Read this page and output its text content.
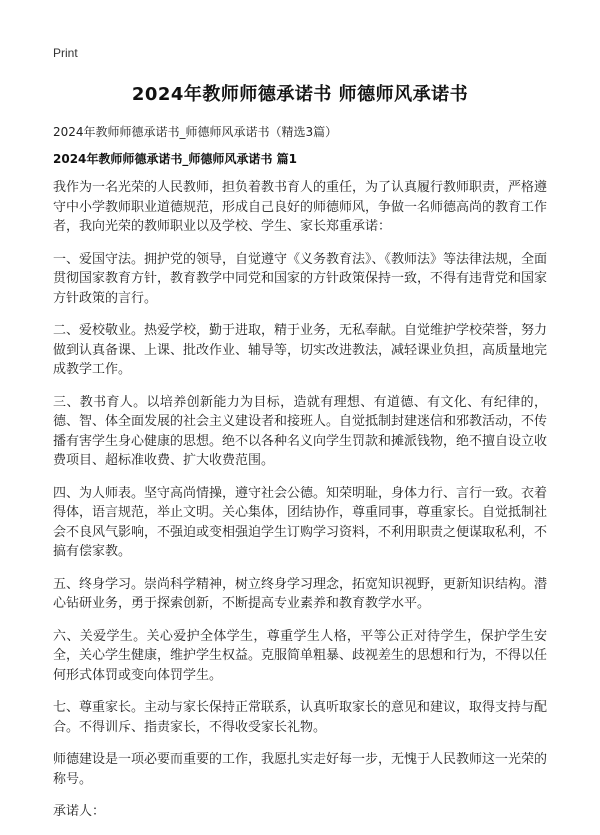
Print
2024年教师师德承诺书 师德师风承诺书
2024年教师师德承诺书_师德师风承诺书（精选3篇）
2024年教师师德承诺书_师德师风承诺书 篇1

我作为一名光荣的人民教师，担负着教书育人的重任，为了认真履行教师职责，严格遵守中小学教师职业道德规范，形成自己良好的师德师风，争做一名师德高尚的教育工作者，我向光荣的教师职业以及学校、学生、家长郑重承诺：

一、爱国守法。拥护党的领导，自觉遵守《义务教育法》、《教师法》等法律法规，全面贯彻国家教育方针，教育教学中同党和国家的方针政策保持一致，不得有违背党和国家方针政策的言行。

二、爱校敬业。热爱学校，勤于进取，精于业务，无私奉献。自觉维护学校荣誉，努力做到认真备课、上课、批改作业、辅导等，切实改进教法，减轻课业负担，高质量地完成教学工作。

三、教书育人。以培养创新能力为目标，造就有理想、有道德、有文化、有纪律的，德、智、体全面发展的社会主义建设者和接班人。自觉抵制封建迷信和邪教活动，不传播有害学生身心健康的思想。绝不以各种名义向学生罚款和摊派钱物，绝不擅自设立收费项目、超标准收费、扩大收费范围。

四、为人师表。坚守高尚情操，遵守社会公德。知荣明耻，身体力行、言行一致。衣着得体，语言规范，举止文明。关心集体，团结协作，尊重同事，尊重家长。自觉抵制社会不良风气影响，不强迫或变相强迫学生订购学习资料，不利用职责之便谋取私利，不搞有偿家教。

五、终身学习。崇尚科学精神，树立终身学习理念，拓宽知识视野，更新知识结构。潜心钻研业务，勇于探索创新，不断提高专业素养和教育教学水平。

六、关爱学生。关心爱护全体学生，尊重学生人格，平等公正对待学生，保护学生安全，关心学生健康，维护学生权益。克服简单粗暴、歧视差生的思想和行为，不得以任何形式体罚或变向体罚学生。

七、尊重家长。主动与家长保持正常联系，认真听取家长的意见和建议，取得支持与配合。不得训斥、指责家长，不得收受家长礼物。

师德建设是一项必要而重要的工作，我愿扎实走好每一步，无愧于人民教师这一光荣的称号。

承诺人：
